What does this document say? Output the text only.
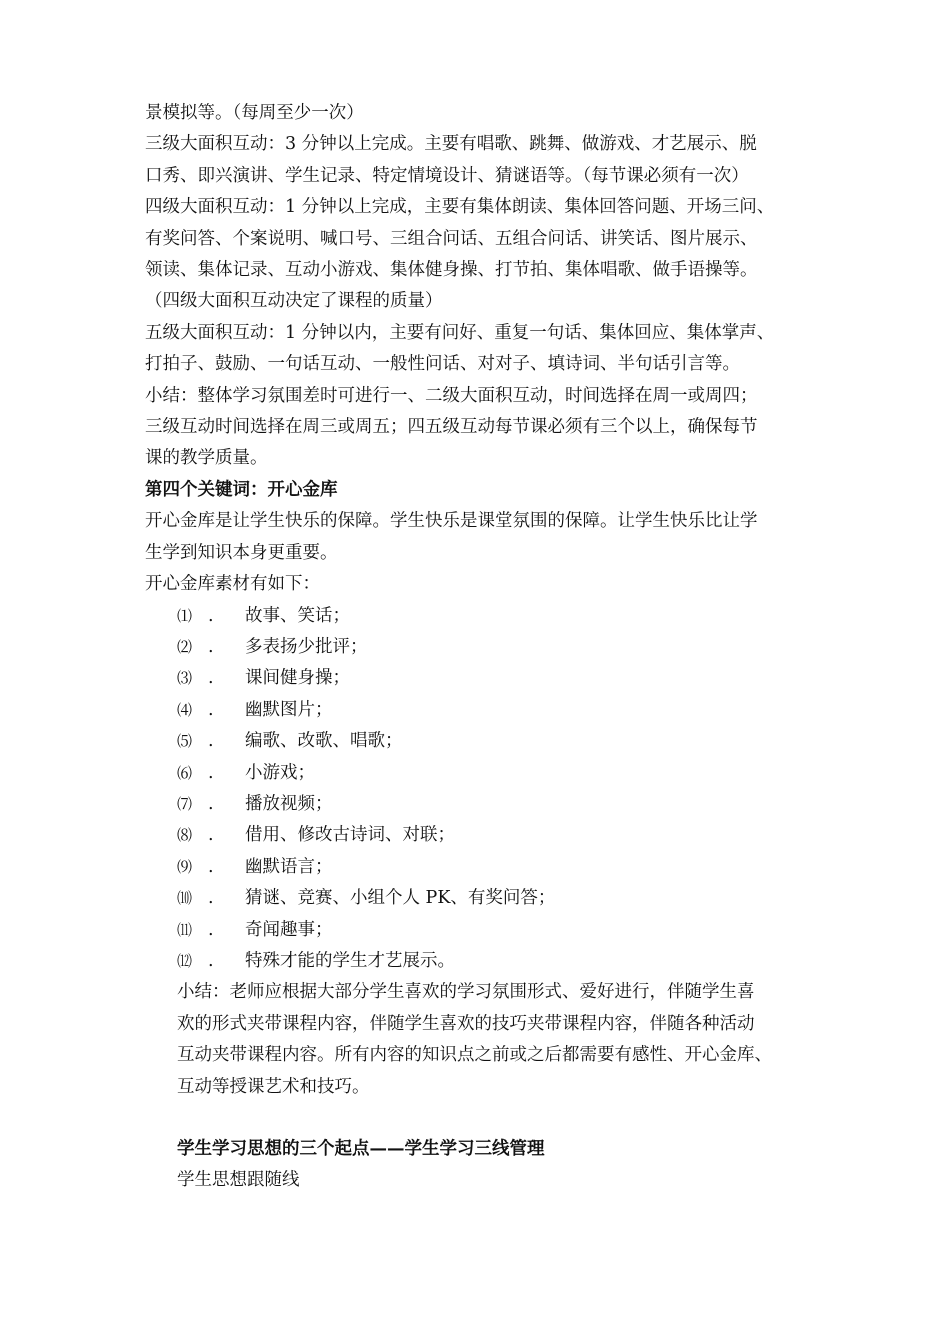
景模拟等。（每周至少一次）
三级大面积互动：3 分钟以上完成。主要有唱歌、跳舞、做游戏、才艺展示、脱
口秀、即兴演讲、学生记录、特定情境设计、猜谜语等。（每节课必须有一次）
四级大面积互动：1 分钟以上完成，主要有集体朗读、集体回答问题、开场三问、
有奖问答、个案说明、喊口号、三组合问话、五组合问话、讲笑话、图片展示、
领读、集体记录、互动小游戏、集体健身操、打节拍、集体唱歌、做手语操等。
（四级大面积互动决定了课程的质量）
五级大面积互动：1 分钟以内，主要有问好、重复一句话、集体回应、集体掌声、
打拍子、鼓励、一句话互动、一般性问话、对对子、填诗词、半句话引言等。
小结：整体学习氛围差时可进行一、二级大面积互动，时间选择在周一或周四；
三级互动时间选择在周三或周五；四五级互动每节课必须有三个以上，确保每节
课的教学质量。
第四个关键词：开心金库
开心金库是让学生快乐的保障。学生快乐是课堂氛围的保障。让学生快乐比让学
生学到知识本身更重要。
开心金库素材有如下：
⑴ .	故事、笑话；
⑵ .	多表扬少批评；
⑶ .	课间健身操；
⑷ .	幽默图片；
⑸ .	编歌、改歌、唱歌；
⑹ .	小游戏；
⑺ .	播放视频；
⑻ .	借用、修改古诗词、对联；
⑼ .	幽默语言；
⑽ .	猜谜、竞赛、小组个人 PK、有奖问答；
⑾ .	奇闻趣事；
⑿ .	特殊才能的学生才艺展示。
小结：老师应根据大部分学生喜欢的学习氛围形式、爱好进行，伴随学生喜
欢的形式夹带课程内容，伴随学生喜欢的技巧夹带课程内容，伴随各种活动
互动夹带课程内容。所有内容的知识点之前或之后都需要有感性、开心金库、
互动等授课艺术和技巧。
学生学习思想的三个起点——学生学习三线管理
学生思想跟随线
